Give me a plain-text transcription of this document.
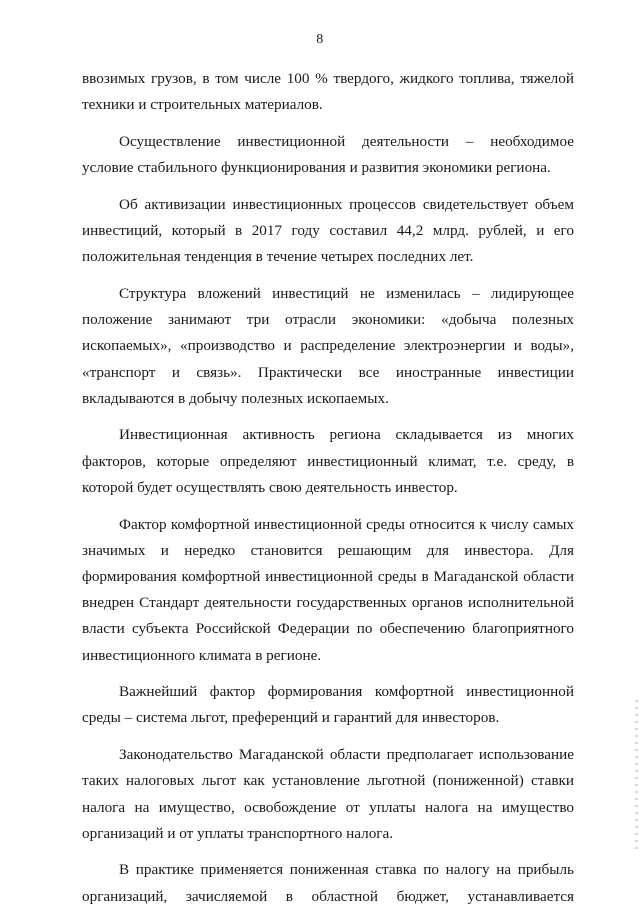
8

ввозимых грузов, в том числе 100 % твердого, жидкого топлива, тяжелой техники и строительных материалов.

Осуществление инвестиционной деятельности – необходимое условие стабильного функционирования и развития экономики региона.

Об активизации инвестиционных процессов свидетельствует объем инвестиций, который в 2017 году составил 44,2 млрд. рублей, и его положительная тенденция в течение четырех последних лет.

Структура вложений инвестиций не изменилась – лидирующее положение занимают три отрасли экономики: «добыча полезных ископаемых», «производство и распределение электроэнергии и воды», «транспорт и связь». Практически все иностранные инвестиции вкладываются в добычу полезных ископаемых.

Инвестиционная активность региона складывается из многих факторов, которые определяют инвестиционный климат, т.е. среду, в которой будет осуществлять свою деятельность инвестор.

Фактор комфортной инвестиционной среды относится к числу самых значимых и нередко становится решающим для инвестора. Для формирования комфортной инвестиционной среды в Магаданской области внедрен Стандарт деятельности государственных органов исполнительной власти субъекта Российской Федерации по обеспечению благоприятного инвестиционного климата в регионе.

Важнейший фактор формирования комфортной инвестиционной среды – система льгот, преференций и гарантий для инвесторов.

Законодательство Магаданской области предполагает использование таких налоговых льгот как установление льготной (пониженной) ставки налога на имущество, освобождение от уплаты налога на имущество организаций и от уплаты транспортного налога.

В практике применяется пониженная ставка по налогу на прибыль организаций, зачисляемой в областной бюджет, устанавливается
